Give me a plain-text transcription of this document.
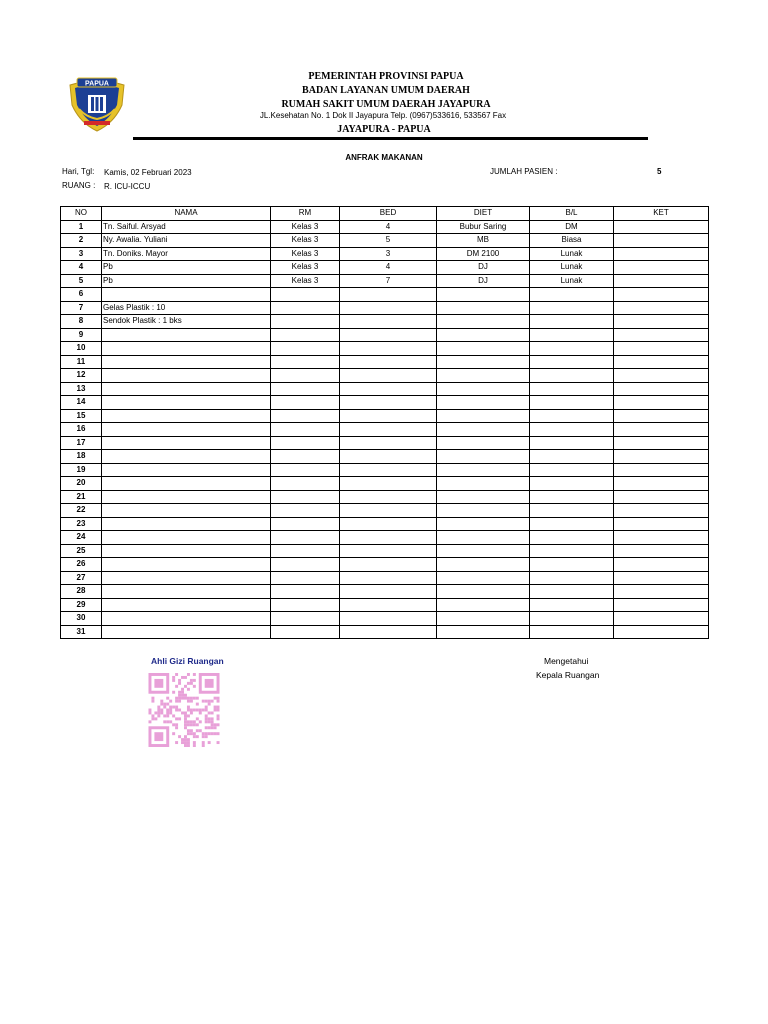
PAPUA
PEMERINTAH PROVINSI PAPUA
BADAN LAYANAN UMUM DAERAH
RUMAH SAKIT UMUM DAERAH JAYAPURA
JL.Kesehatan No. 1 Dok II Jayapura Telp. (0967)533616, 533567 Fax
JAYAPURA - PAPUA
ANFRAK MAKANAN
Hari, Tgl: Kamis, 02 Februari 2023
RUANG : R. ICU-ICCU
JUMLAH PASIEN :	5
NO	NAMA	RM	BED	DIET	B/L	KET
1	Tn. Saiful. Arsyad	Kelas 3	4	Bubur Saring	DM	
2	Ny. Awalia. Yuliani	Kelas 3	5	MB	Biasa	
3	Tn. Doniks. Mayor	Kelas 3	3	DM 2100	Lunak	
4	Pb	Kelas 3	4	DJ	Lunak	
5	Pb	Kelas 3	7	DJ	Lunak	
6						
7	Gelas Plastik : 10					
8	Sendok Plastik : 1 bks					
9						
10						
11						
12						
13						
14						
15						
16						
17						
18						
19						
20						
21						
22						
23						
24						
25						
26						
27						
28						
29						
30						
31						
Ahli Gizi Ruangan	Mengetahui
Kepala Ruangan
